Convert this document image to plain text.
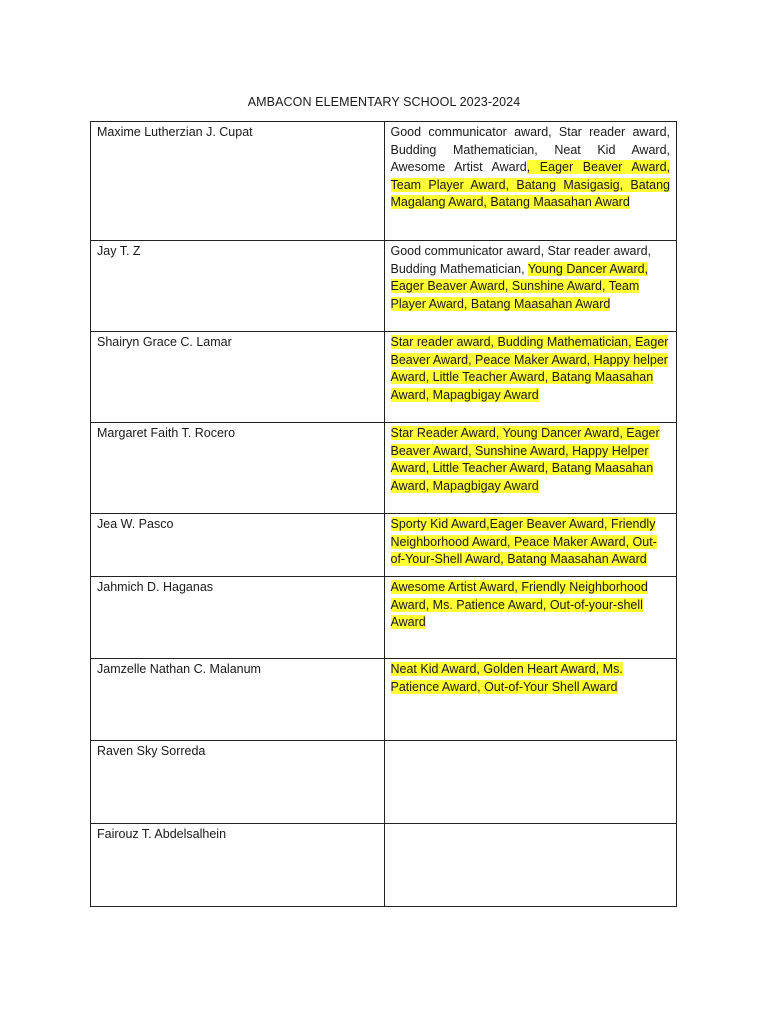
AMBACON ELEMENTARY SCHOOL 2023-2024
Maxime Lutherzian J. Cupat	Good communicator award, Star reader award, Budding Mathematician, Neat Kid Award, Awesome Artist Award, Eager Beaver Award, Team Player Award, Batang Masigasig, Batang Magalang Award, Batang Maasahan Award
Jay T. Z	Good communicator award, Star reader award, Budding Mathematician, Young Dancer Award, Eager Beaver Award, Sunshine Award, Team Player Award, Batang Maasahan Award
Shairyn Grace C. Lamar	Star reader award, Budding Mathematician, Eager Beaver Award, Peace Maker Award, Happy helper Award, Little Teacher Award, Batang Maasahan Award, Mapagbigay Award
Margaret Faith T. Rocero	Star Reader Award, Young Dancer Award, Eager Beaver Award, Sunshine Award, Happy Helper Award, Little Teacher Award, Batang Maasahan Award, Mapagbigay Award
Jea W. Pasco	Sporty Kid Award,Eager Beaver Award, Friendly Neighborhood Award, Peace Maker Award, Out-of-Your-Shell Award, Batang Maasahan Award
Jahmich D. Haganas	Awesome Artist Award, Friendly Neighborhood Award, Ms. Patience Award, Out-of-your-shell Award
Jamzelle Nathan C. Malanum	Neat Kid Award, Golden Heart Award, Ms. Patience Award, Out-of-Your Shell Award
Raven Sky Sorreda	
Fairouz T. Abdelsalhein	
